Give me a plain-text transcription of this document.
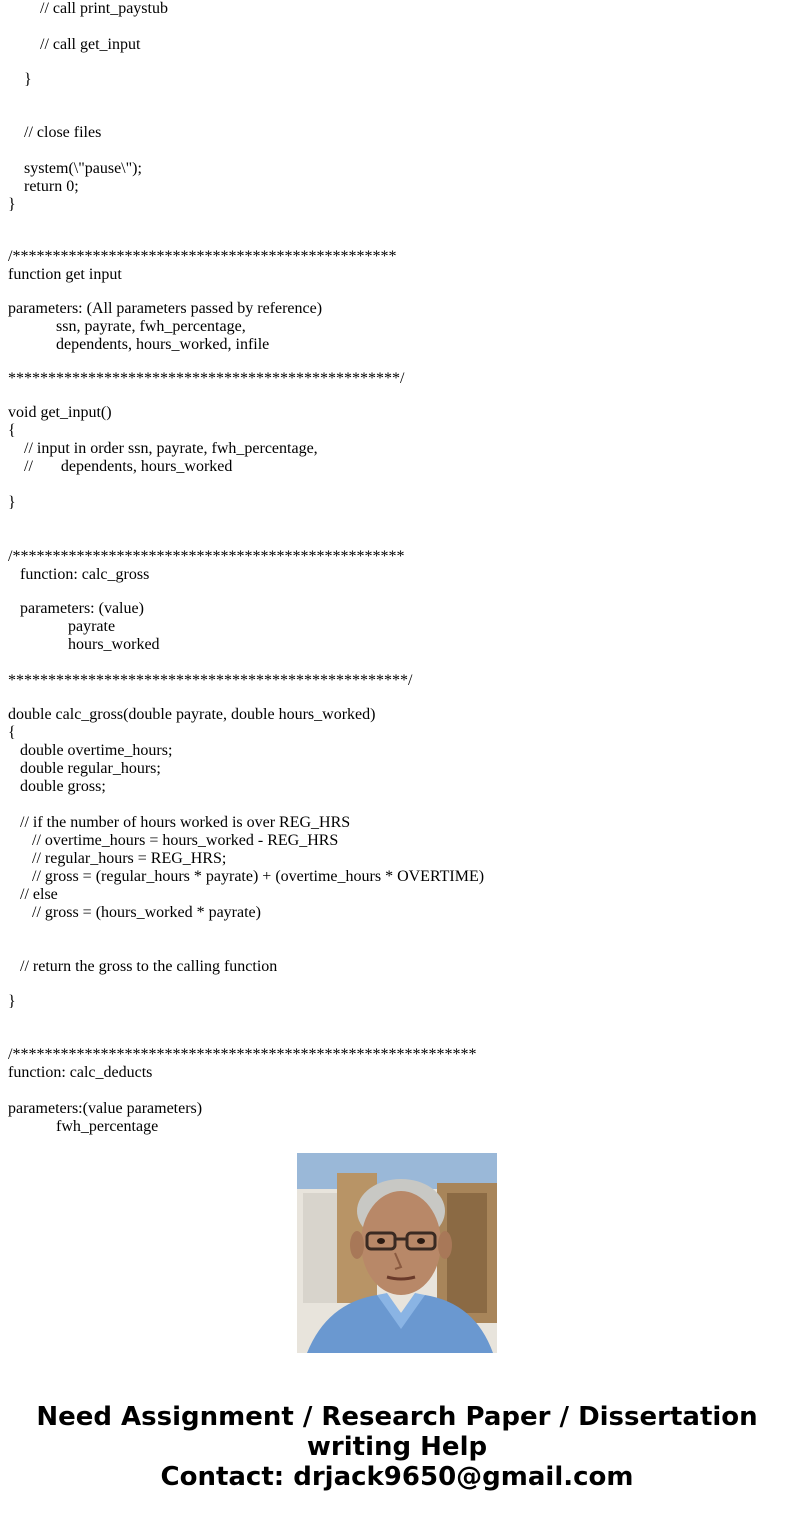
// call print_paystub
// call get_input
}
// close files
system(\"pause\");
return 0;
}
/************************************************
function get input
parameters: (All parameters passed by reference)
ssn, payrate, fwh_percentage,
dependents, hours_worked, infile
*************************************************/
void get_input()
{
// input in order ssn, payrate, fwh_percentage,
//       dependents, hours_worked
}
/*************************************************
function: calc_gross
parameters: (value)
payrate
hours_worked
**************************************************/
double calc_gross(double payrate, double hours_worked)
{
double overtime_hours;
double regular_hours;
double gross;
// if the number of hours worked is over REG_HRS
// overtime_hours = hours_worked - REG_HRS
// regular_hours = REG_HRS;
// gross = (regular_hours * payrate) + (overtime_hours * OVERTIME)
// else
// gross = (hours_worked * payrate)
// return the gross to the calling function
}
/**********************************************************
function: calc_deducts
parameters:(value parameters)
fwh_percentage
Need Assignment / Research Paper / Dissertation
writing Help
Contact: drjack9650@gmail.com
